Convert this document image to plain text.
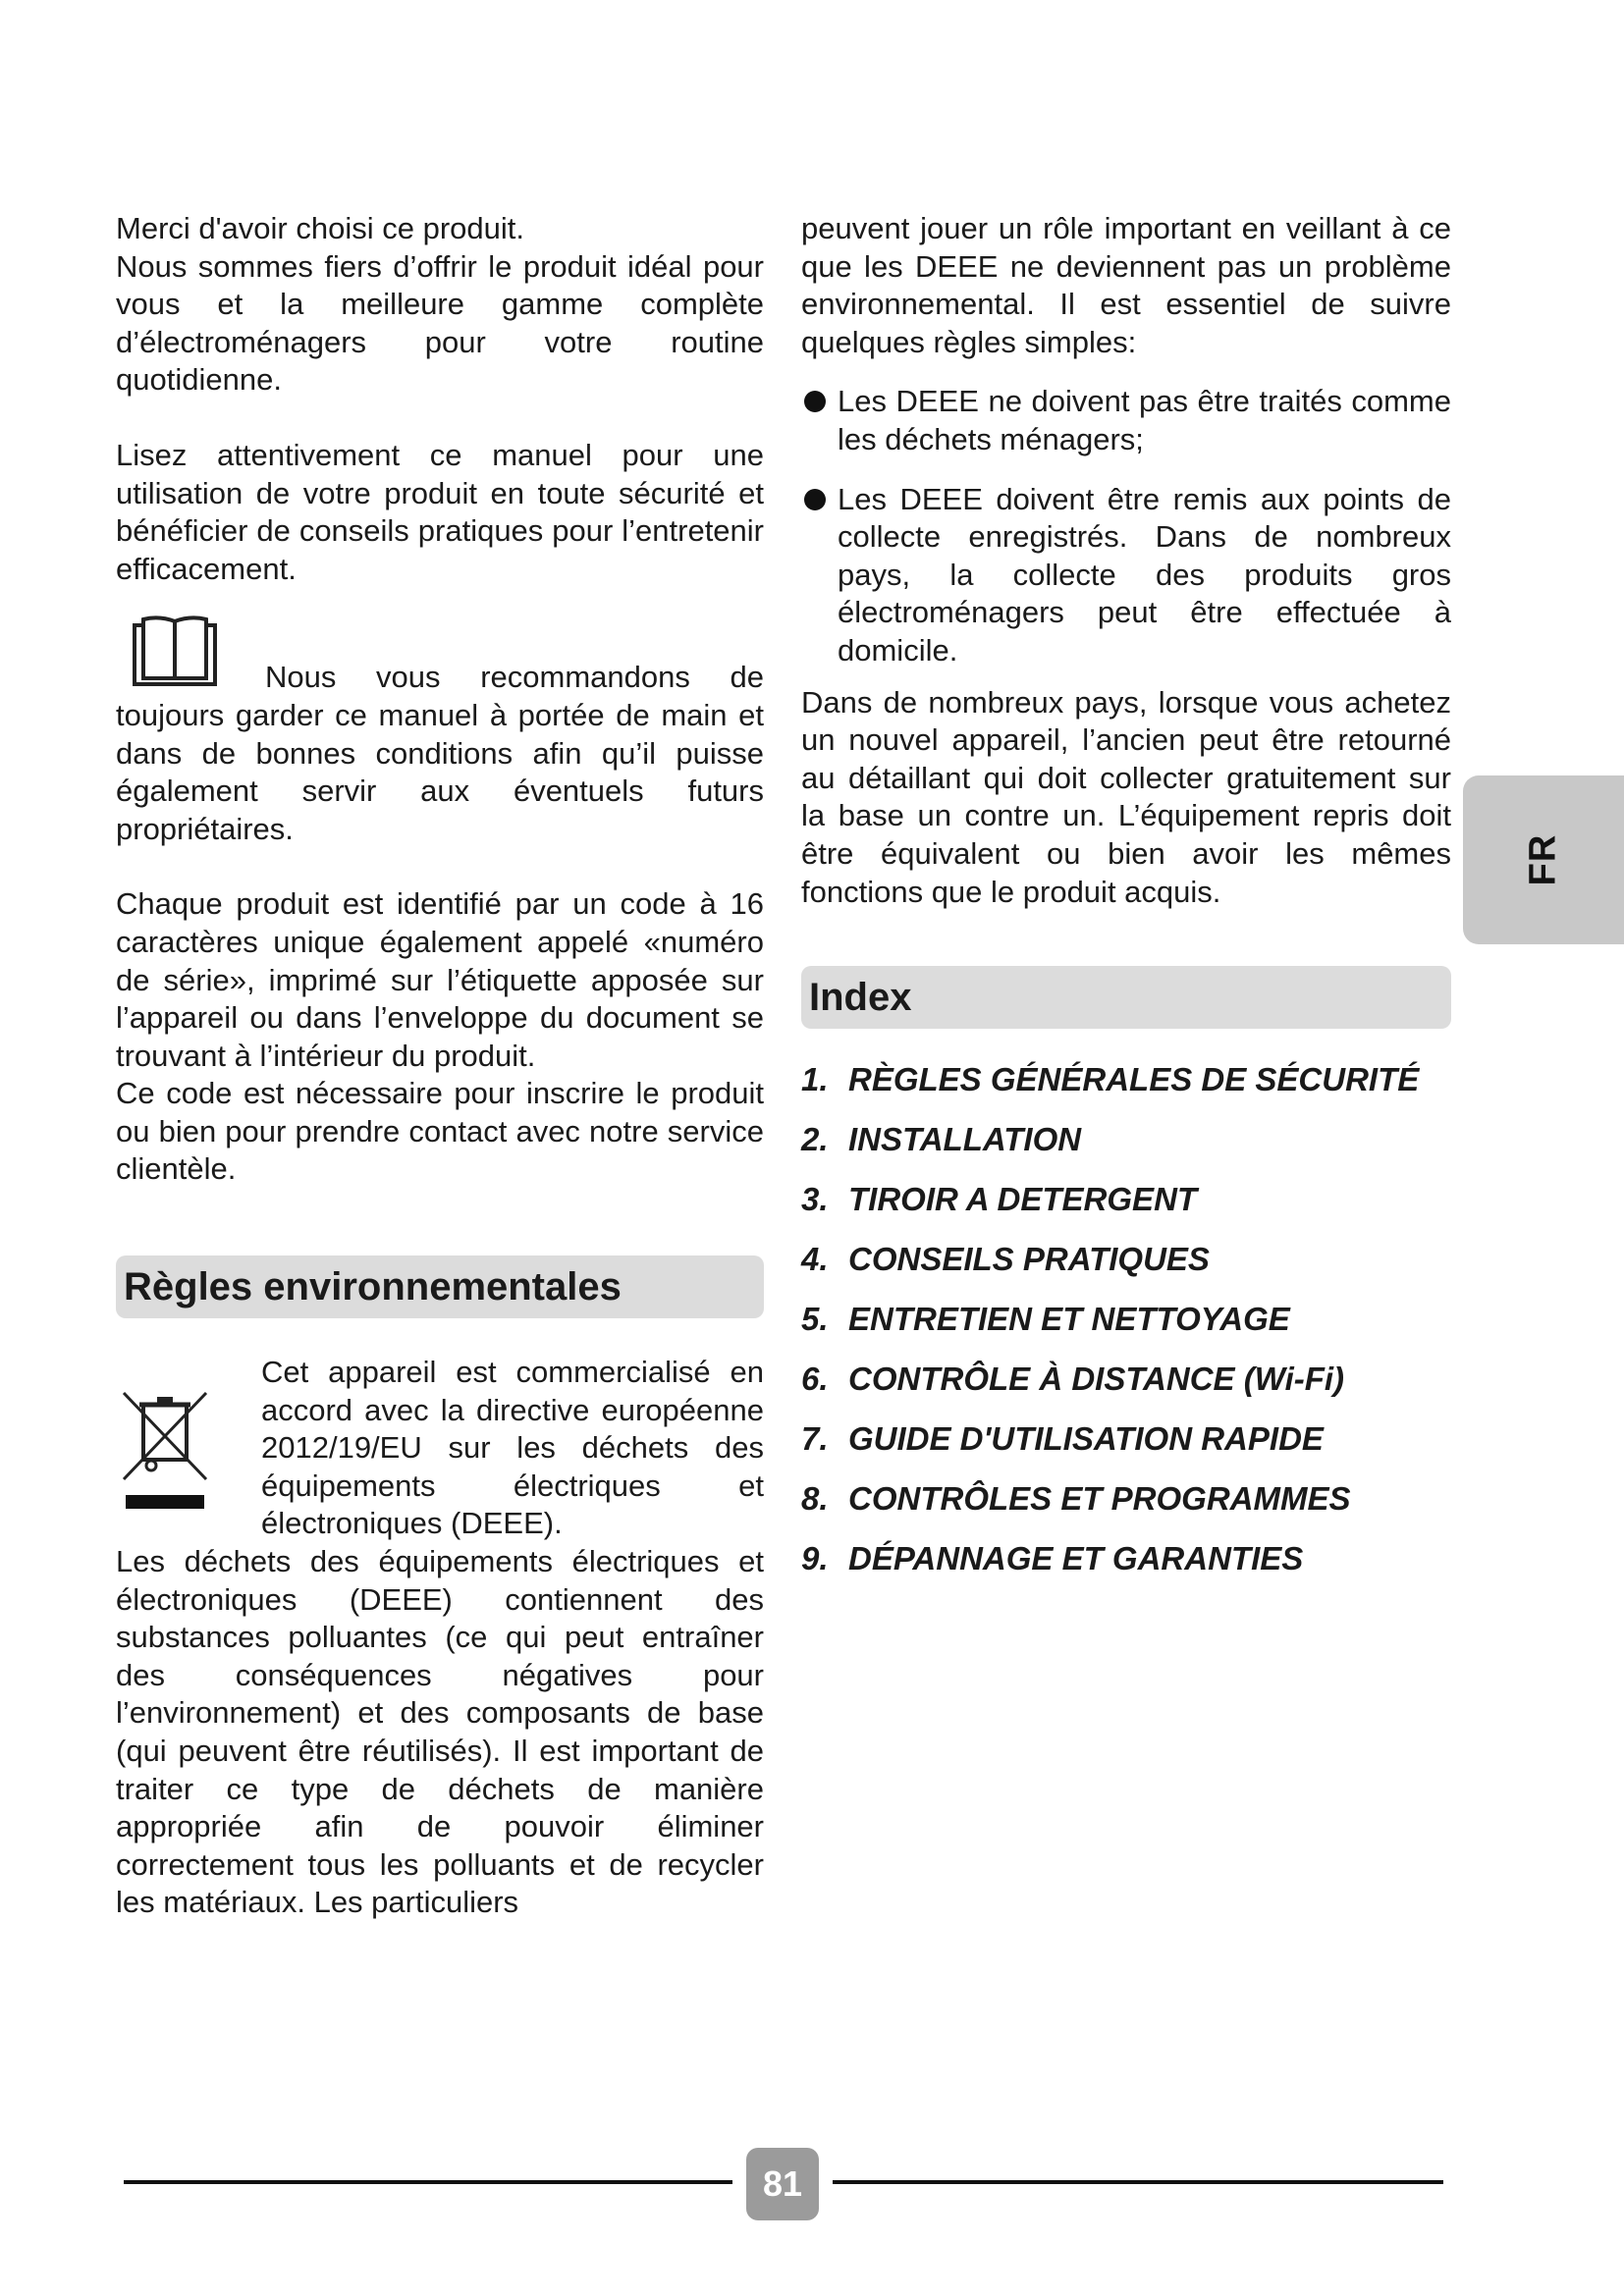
Merci d'avoir choisi ce produit.

Nous sommes fiers d’offrir le produit idéal pour vous et la meilleure gamme complète d’électroménagers pour votre routine quotidienne.

Lisez attentivement ce manuel pour une utilisation de votre produit en toute sécurité et bénéficier de conseils pratiques pour l’entretenir efficacement.

Nous vous recommandons de toujours garder ce manuel à portée de main et dans de bonnes conditions afin qu’il puisse également servir aux éventuels futurs propriétaires.

Chaque produit est identifié par un code à 16 caractères unique également appelé «numéro de série», imprimé sur l’étiquette apposée sur l’appareil ou dans l’enveloppe du document se trouvant à l’intérieur du produit.

Ce code est nécessaire pour inscrire le produit ou bien pour prendre contact avec notre service clientèle.

Règles environnementales

Cet appareil est commercialisé en accord avec la directive européenne 2012/19/EU sur les déchets des équipements électriques et électroniques (DEEE).

Les déchets des équipements électriques et électroniques (DEEE) contiennent des substances polluantes (ce qui peut entraîner des conséquences négatives pour l’environnement) et des composants de base (qui peuvent être réutilisés). Il est important de traiter ce type de déchets de manière appropriée afin de pouvoir éliminer correctement tous les polluants et de recycler les matériaux. Les particuliers

peuvent jouer un rôle important en veillant à ce que les DEEE ne deviennent pas un problème environnemental. Il est essentiel de suivre quelques règles simples:

Les DEEE ne doivent pas être traités comme les déchets ménagers;

Les DEEE doivent être remis aux points de collecte enregistrés. Dans de nombreux pays, la collecte des produits gros électroménagers peut être effectuée à domicile.

Dans de nombreux pays, lorsque vous achetez un nouvel appareil, l’ancien peut être retourné au détaillant qui doit collecter gratuitement sur la base un contre un. L’équipement repris doit être équivalent ou bien avoir les mêmes fonctions que le produit acquis.

Index
1. RÈGLES GÉNÉRALES DE SÉCURITÉ
2. INSTALLATION
3. TIROIR A DETERGENT
4. CONSEILS PRATIQUES
5. ENTRETIEN ET NETTOYAGE
6. CONTRÔLE À DISTANCE (Wi-Fi)
7. GUIDE D'UTILISATION RAPIDE
8. CONTRÔLES ET PROGRAMMES
9. DÉPANNAGE ET GARANTIES
FR
81
